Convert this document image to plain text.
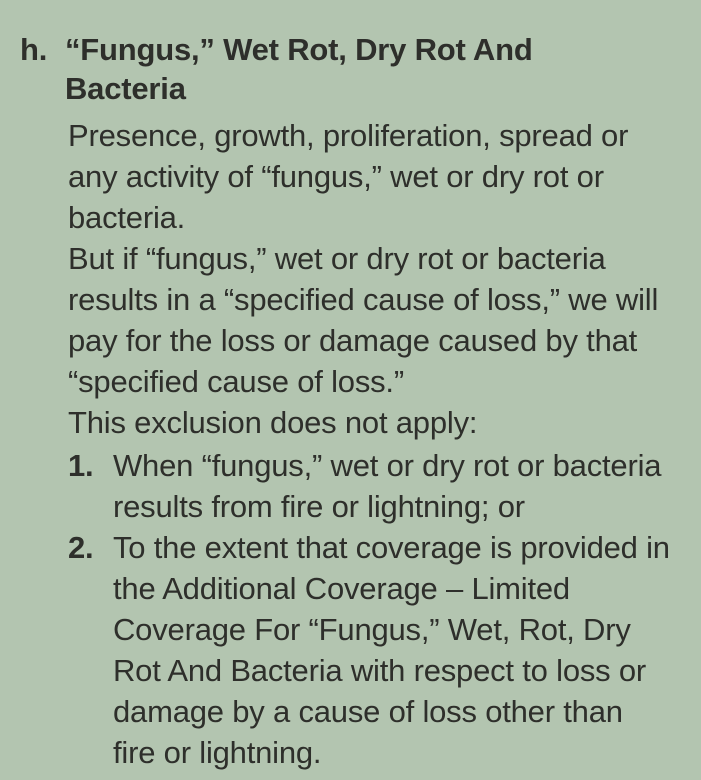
h. “Fungus,” Wet Rot, Dry Rot And Bacteria

Presence, growth, proliferation, spread or any activity of “fungus,” wet or dry rot or bacteria.

But if “fungus,” wet or dry rot or bacteria results in a “specified cause of loss,” we will pay for the loss or damage caused by that “specified cause of loss.”

This exclusion does not apply:

1. When “fungus,” wet or dry rot or bacteria results from fire or lightning; or
2. To the extent that coverage is provided in the Additional Coverage – Limited Coverage For “Fungus,” Wet, Rot, Dry Rot And Bacteria with respect to loss or damage by a cause of loss other than fire or lightning.
